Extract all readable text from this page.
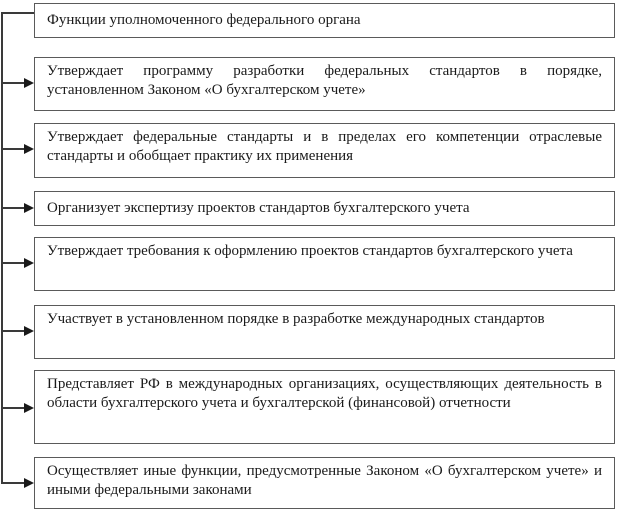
Функции уполномоченного федерального органа
Утверждает программу разработки федеральных стандартов в порядке, установленном Законом «О бухгалтерском учете»
Утверждает федеральные стандарты и в пределах его компетенции отраслевые стандарты и обобщает практику их применения
Организует экспертизу проектов стандартов бухгалтерского учета
Утверждает требования к оформлению проектов стандартов бухгалтерского учета
Участвует в установленном порядке в разработке международных стандартов
Представляет РФ в международных организациях, осуществляющих деятельность в области бухгалтерского учета и бухгалтерской (финансовой) отчетности
Осуществляет иные функции, предусмотренные Законом «О бухгалтерском учете» и иными федеральными законами
